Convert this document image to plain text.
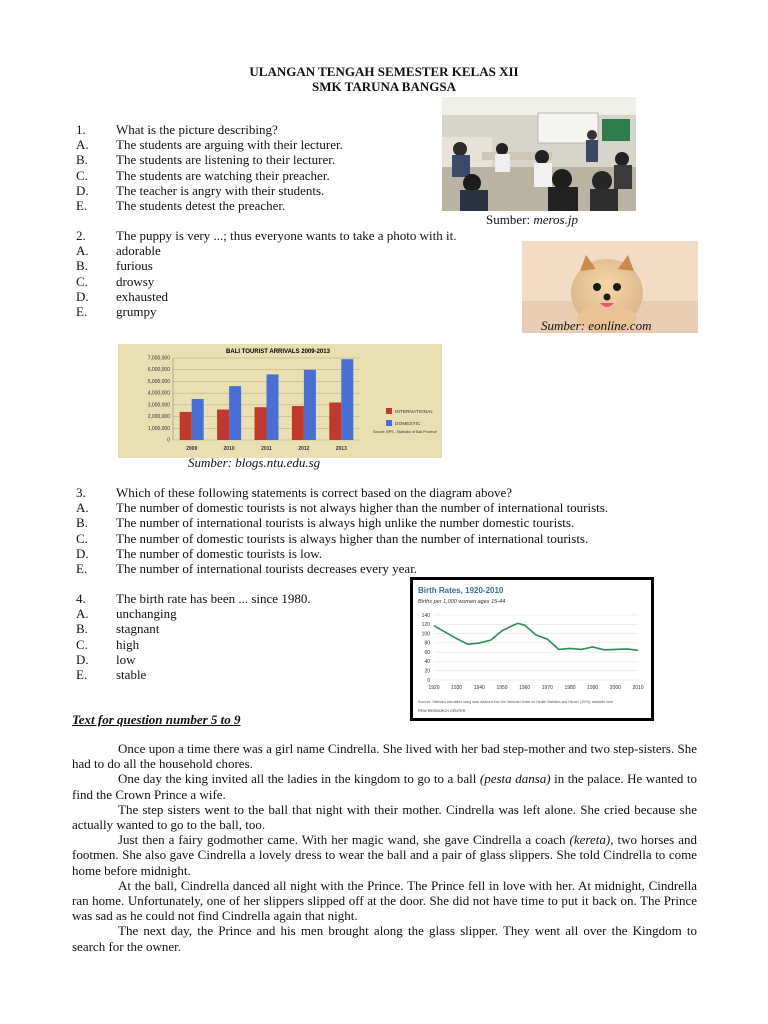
ULANGAN TENGAH SEMESTER KELAS XII
SMK TARUNA BANGSA
1.	What is the picture describing?
A.	The students are arguing with their lecturer.
B.	The students are listening to their lecturer.
C.	The students are watching their preacher.
D.	The teacher is angry with their students.
E.	The students detest the preacher.
Sumber: meros.jp
2.	The puppy is very ...; thus everyone wants to take a photo with it.
A.	adorable
B.	furious
C.	drowsy
D.	exhausted
E.	grumpy
Sumber: eonline.com
BALI TOURIST ARRIVALS 2009-2013
0
1,000,000
2,000,000
3,000,000
4,000,000
5,000,000
6,000,000
7,000,000
2009	2010	2011	2012	2013
INTERNATIONAL
DOMESTIC
Source: BPS - Statistics of Bali Province
Sumber: blogs.ntu.edu.sg
3.	Which of these following statements is correct based on the diagram above?
A.	The number of domestic tourists is not always higher than the number of international tourists.
B.	The number of international tourists is always high unlike the number domestic tourists.
C.	The number of domestic tourists is always higher than the number of international tourists.
D.	The number of domestic tourists is low.
E.	The number of international tourists decreases every year.
4.	The birth rate has been ... since 1980.
A.	unchanging
B.	stagnant
C.	high
D.	low
E.	stable
Birth Rates, 1920-2010
Births per 1,000 women ages 15-44
0
20
40
60
80
100
120
140
1920 1930 1940 1950 1960 1970 1980 1990 2000 2010
Sources: Statistics calculated using data obtained from the National Center for Health Statistics and Heuser (1976); available here
PEW RESEARCH CENTER
Text for question number 5 to 9

Once upon a time there was a girl name Cindrella. She lived with her bad step-mother and two step-sisters. She had to do all the household chores.

One day the king invited all the ladies in the kingdom to go to a ball (pesta dansa) in the palace. He wanted to find the Crown Prince a wife.

The step sisters went to the ball that night with their mother. Cindrella was left alone. She cried because she actually wanted to go to the ball, too.

Just then a fairy godmother came. With her magic wand, she gave Cindrella a coach (kereta), two horses and footmen. She also gave Cindrella a lovely dress to wear the ball and a pair of glass slippers. She told Cindrella to come home before midnight.

At the ball, Cindrella danced all night with the Prince. The Prince fell in love with her. At midnight, Cindrella ran home. Unfortunately, one of her slippers slipped off at the door. She did not have time to put it back on. The Prince was sad as he could not find Cindrella again that night.

The next day, the Prince and his men brought along the glass slipper. They went all over the Kingdom to search for the owner.
